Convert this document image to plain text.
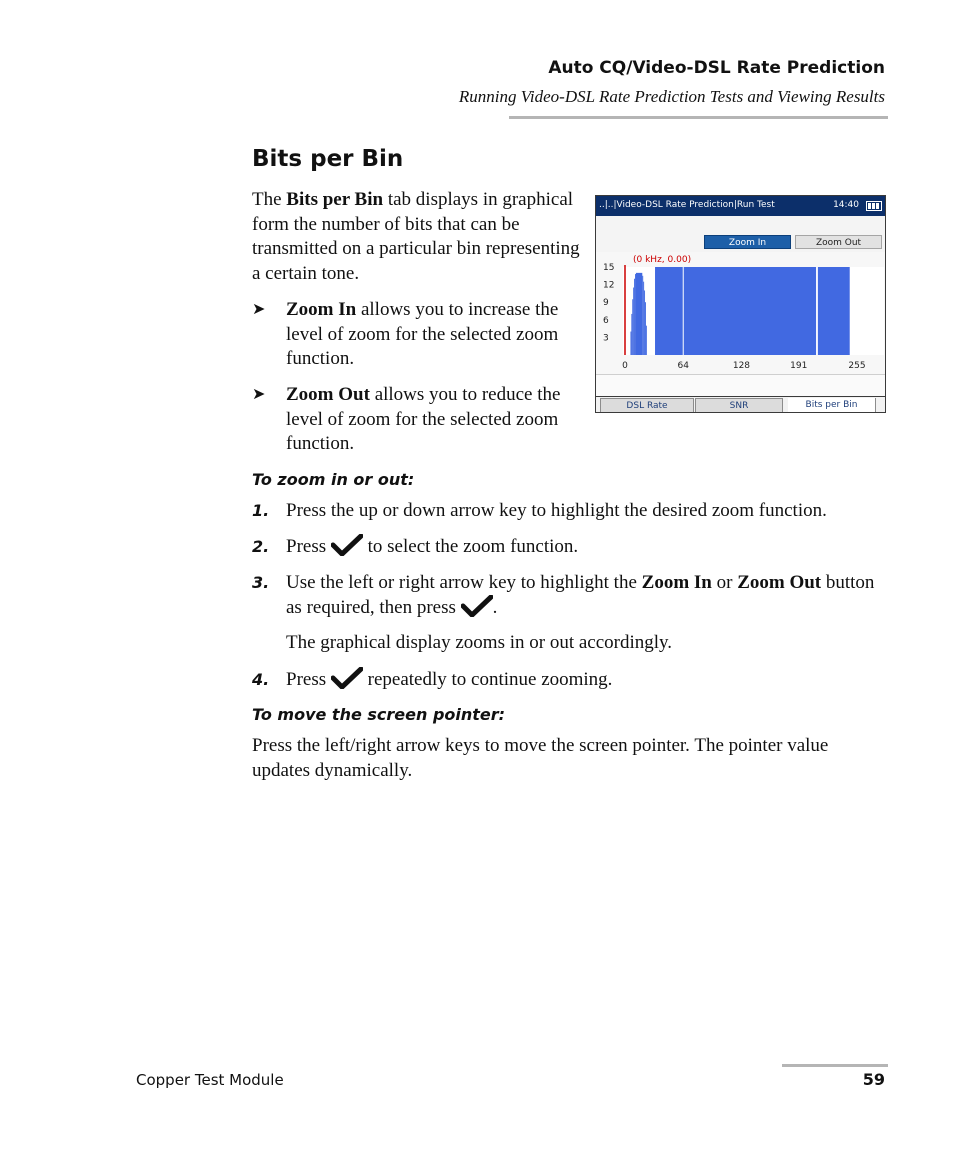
Auto CQ/Video-DSL Rate Prediction
Running Video-DSL Rate Prediction Tests and Viewing Results
Bits per Bin
The Bits per Bin tab displays in graphical form the number of bits that can be transmitted on a particular bin representing a certain tone.
➤ Zoom In allows you to increase the level of zoom for the selected zoom function.
➤ Zoom Out allows you to reduce the level of zoom for the selected zoom function.
..|..|Video-DSL Rate Prediction|Run Test	14:40
Zoom In	Zoom Out
3
6
9
12
15
0	64	128	191	255
(0 kHz, 0.00)
DSL Rate	SNR	Bits per Bin
To zoom in or out:
1. Press the up or down arrow key to highlight the desired zoom function.
2. Press  to select the zoom function.
3. Use the left or right arrow key to highlight the Zoom In or Zoom Out button as required, then press .
The graphical display zooms in or out accordingly.
4. Press  repeatedly to continue zooming.
To move the screen pointer:
Press the left/right arrow keys to move the screen pointer. The pointer value updates dynamically.
Copper Test Module	59
